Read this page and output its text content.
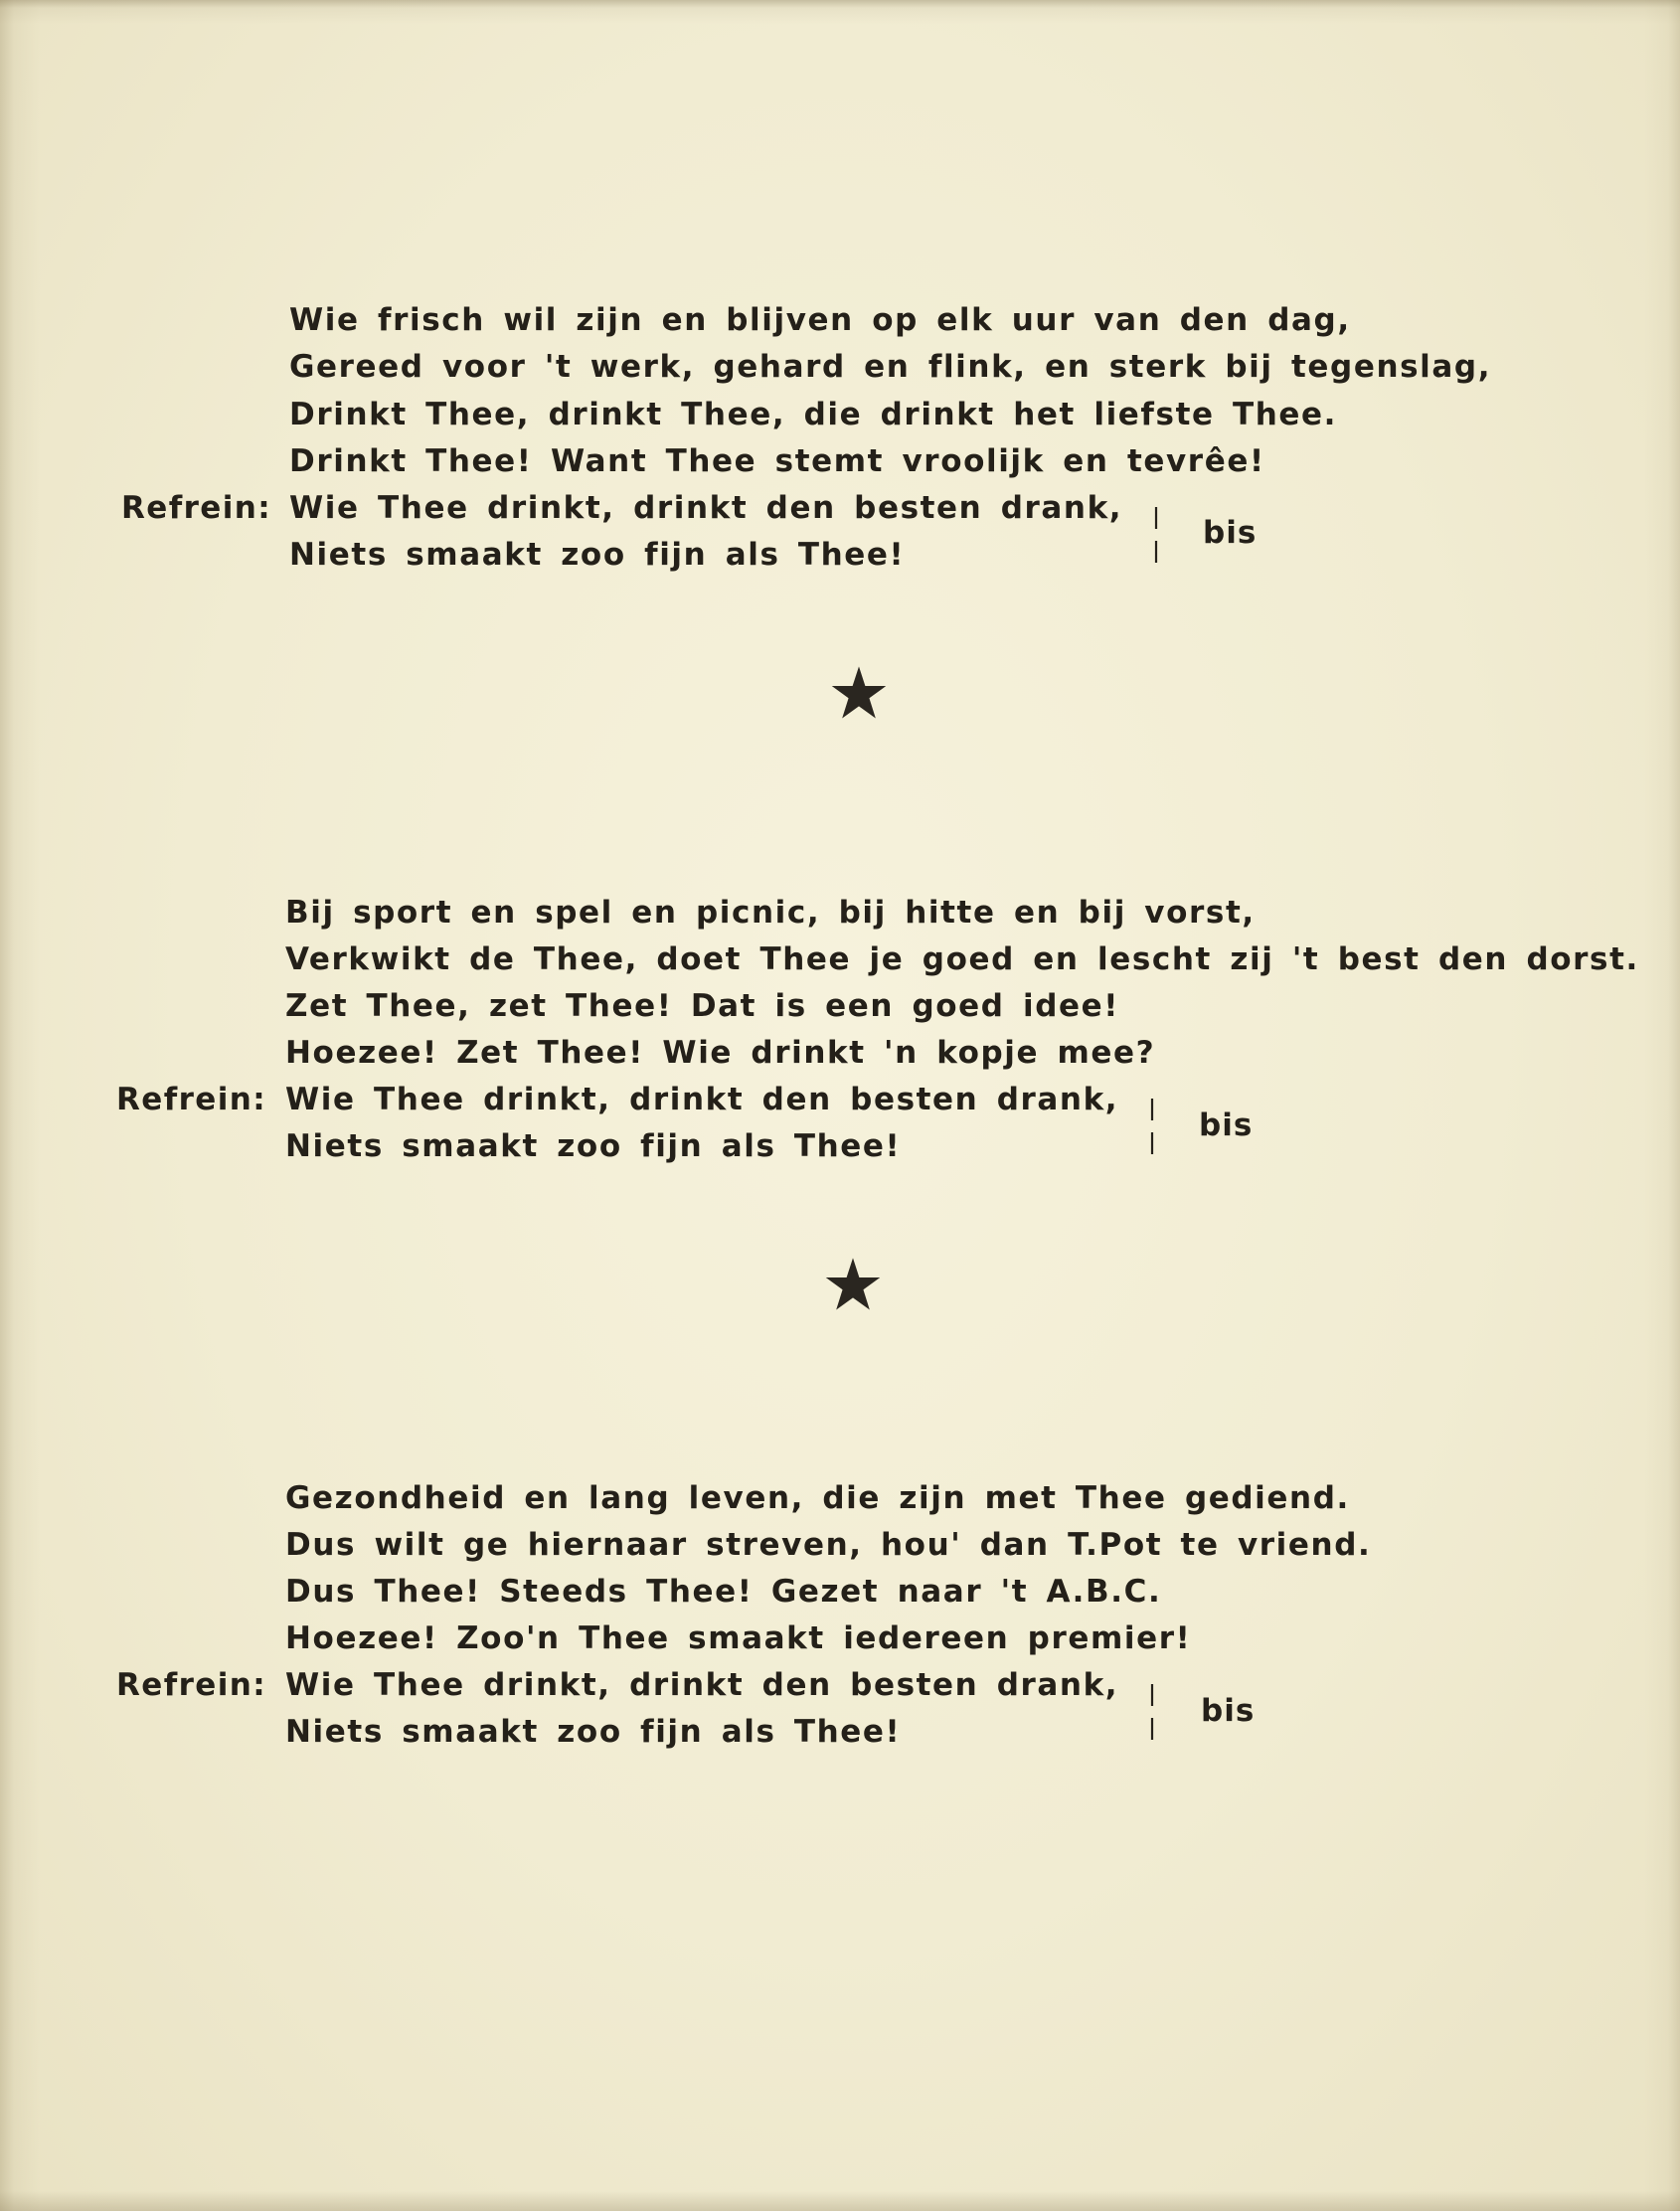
Wie frisch wil zijn en blijven op elk uur van den dag,
Gereed voor 't werk, gehard en flink, en sterk bij tegenslag,
Drinkt Thee, drinkt Thee, die drinkt het liefste Thee.
Drinkt Thee! Want Thee stemt vroolijk en tevrêe!
Refrein: Wie Thee drinkt, drinkt den besten drank,
Niets smaakt zoo fijn als Thee!
bis
Bij sport en spel en picnic, bij hitte en bij vorst,
Verkwikt de Thee, doet Thee je goed en lescht zij 't best den dorst.
Zet Thee, zet Thee! Dat is een goed idee!
Hoezee! Zet Thee! Wie drinkt 'n kopje mee?
Refrein: Wie Thee drinkt, drinkt den besten drank,
Niets smaakt zoo fijn als Thee!
bis
Gezondheid en lang leven, die zijn met Thee gediend.
Dus wilt ge hiernaar streven, hou' dan T.Pot te vriend.
Dus Thee! Steeds Thee! Gezet naar 't A.B.C.
Hoezee! Zoo'n Thee smaakt iedereen premier!
Refrein: Wie Thee drinkt, drinkt den besten drank,
Niets smaakt zoo fijn als Thee!
bis
